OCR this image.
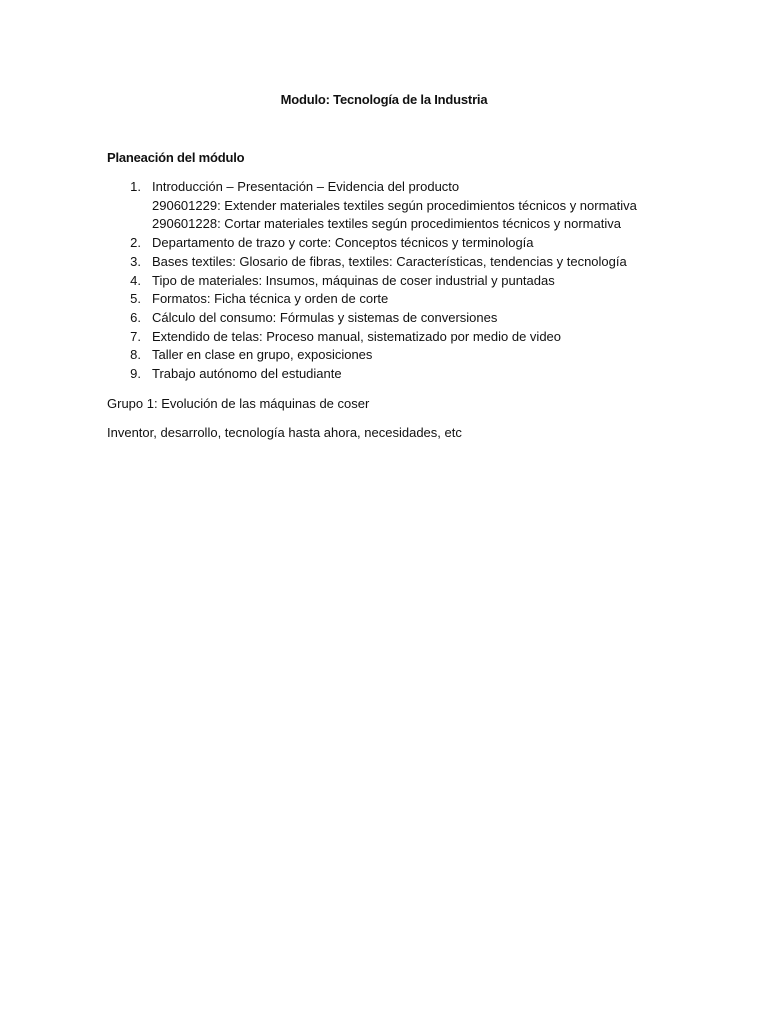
Modulo: Tecnología de la Industria
Planeación del módulo
1. Introducción – Presentación – Evidencia del producto
290601229: Extender materiales textiles según procedimientos técnicos y normativa
290601228: Cortar materiales textiles según procedimientos técnicos y normativa
2. Departamento de trazo y corte: Conceptos técnicos y terminología
3. Bases textiles: Glosario de fibras, textiles: Características, tendencias y tecnología
4. Tipo de materiales: Insumos, máquinas de coser industrial y puntadas
5. Formatos: Ficha técnica y orden de corte
6. Cálculo del consumo: Fórmulas y sistemas de conversiones
7. Extendido de telas: Proceso manual, sistematizado por medio de video
8. Taller en clase en grupo, exposiciones
9. Trabajo autónomo del estudiante
Grupo 1: Evolución de las máquinas de coser
Inventor, desarrollo, tecnología hasta ahora, necesidades, etc
